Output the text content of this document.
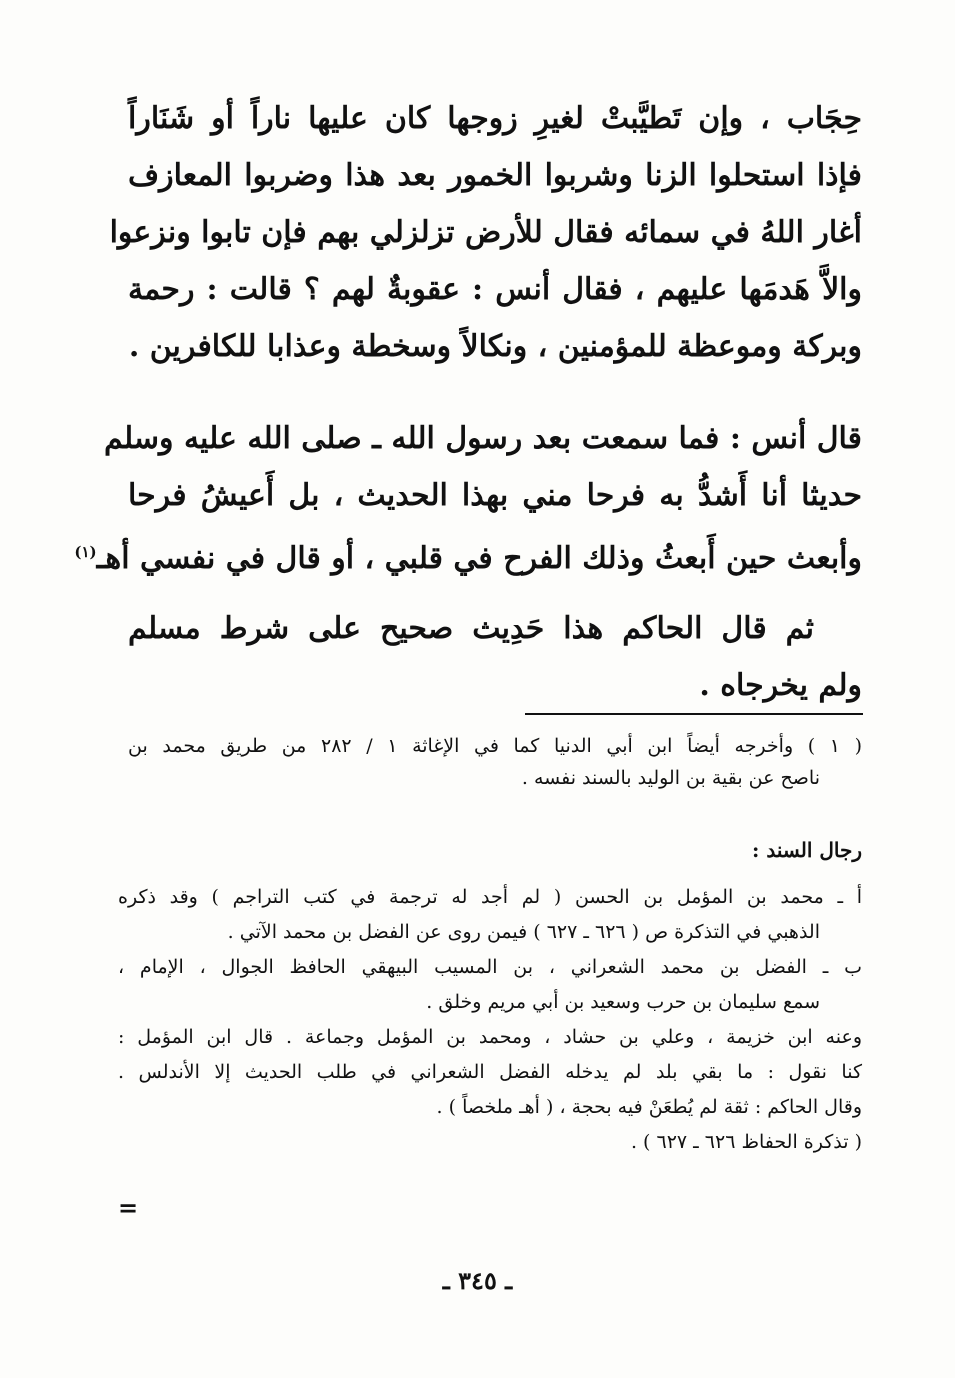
حِجَاب ، وإن تَطيَّبتْ لغيرِ زوجها كان عليها ناراً أو شَنَاراً
فإذا استحلوا الزنا وشربوا الخمور بعد هذا وضربوا المعازف
أغار اللهُ في سمائه فقال للأرض تزلزلي بهم فإن تابوا ونزعوا
والاَّ هَدمَها عليهم ، فقال أنس : عقوبةٌ لهم ؟ قالت : رحمة
وبركة وموعظة للمؤمنين ، ونكالاً وسخطة وعذابا للكافرين .
قال أنس : فما سمعت بعد رسول الله ـ صلى الله عليه وسلم
حديثا أنا أَشدُّ به فرحا مني بهذا الحديث ، بل أَعيشُ فرحا
وأبعث حين أَبعثُ وذلك الفرح في قلبي ، أو قال في نفسي أهـ$^{(١)}$
ثم قال الحاكم هذا حَدِيث صحيح على شرط مسلم
ولم يخرجاه .
( ١ ) وأخرجه أيضاً ابن أبي الدنيا كما في الإغاثة ١ / ٢٨٢ من طريق محمد بن
ناصح عن بقية بن الوليد بالسند نفسه .
رجال السند :
أ ـ محمد بن المؤمل بن الحسن ( لم أجد له ترجمة في كتب التراجم ) وقد ذكره
الذهبي في التذكرة ص ( ٦٢٦ ـ ٦٢٧ ) فيمن روى عن الفضل بن محمد الآتي .
ب ـ الفضل بن محمد الشعراني ، بن المسيب البيهقي الحافظ الجوال ، الإمام ،
سمع سليمان بن حرب وسعيد بن أبي مريم وخلق .
وعنه ابن خزيمة ، وعلي بن حشاد ، ومحمد بن المؤمل وجماعة . قال ابن المؤمل :
كنا نقول : ما بقي بلد لم يدخله الفضل الشعراني في طلب الحديث إلا الأندلس .
وقال الحاكم : ثقة لم يُطعَنْ فيه بحجة ، ( أهـ ملخصاً ) .
( تذكرة الحفاظ ٦٢٦ ـ ٦٢٧ ) .
=
ـ ٣٤٥ ـ
